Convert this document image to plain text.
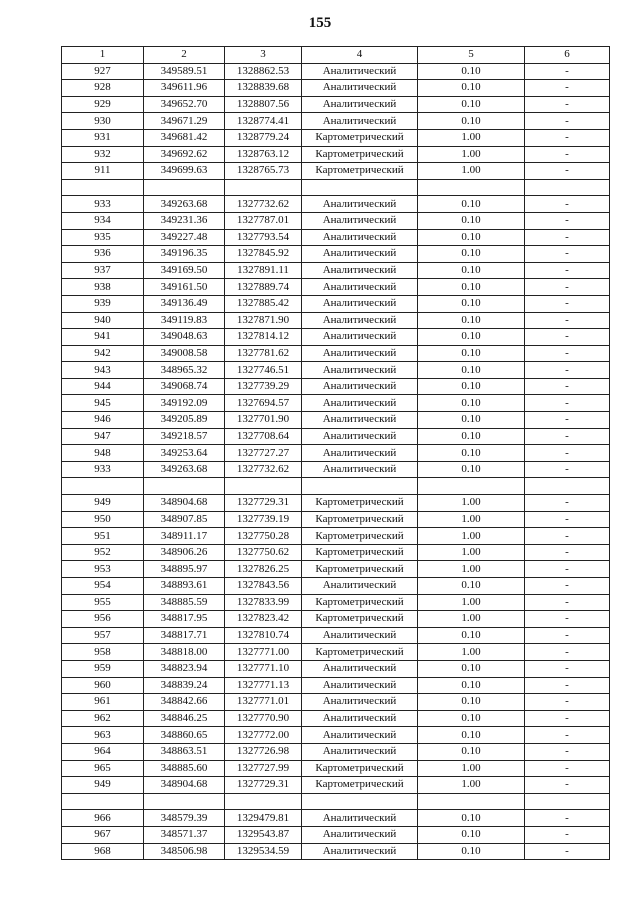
155
1	2	3	4	5	6
927	349589.51	1328862.53	Аналитический	0.10	-
928	349611.96	1328839.68	Аналитический	0.10	-
929	349652.70	1328807.56	Аналитический	0.10	-
930	349671.29	1328774.41	Аналитический	0.10	-
931	349681.42	1328779.24	Картометрический	1.00	-
932	349692.62	1328763.12	Картометрический	1.00	-
911	349699.63	1328765.73	Картометрический	1.00	-

933	349263.68	1327732.62	Аналитический	0.10	-
934	349231.36	1327787.01	Аналитический	0.10	-
935	349227.48	1327793.54	Аналитический	0.10	-
936	349196.35	1327845.92	Аналитический	0.10	-
937	349169.50	1327891.11	Аналитический	0.10	-
938	349161.50	1327889.74	Аналитический	0.10	-
939	349136.49	1327885.42	Аналитический	0.10	-
940	349119.83	1327871.90	Аналитический	0.10	-
941	349048.63	1327814.12	Аналитический	0.10	-
942	349008.58	1327781.62	Аналитический	0.10	-
943	348965.32	1327746.51	Аналитический	0.10	-
944	349068.74	1327739.29	Аналитический	0.10	-
945	349192.09	1327694.57	Аналитический	0.10	-
946	349205.89	1327701.90	Аналитический	0.10	-
947	349218.57	1327708.64	Аналитический	0.10	-
948	349253.64	1327727.27	Аналитический	0.10	-
933	349263.68	1327732.62	Аналитический	0.10	-

949	348904.68	1327729.31	Картометрический	1.00	-
950	348907.85	1327739.19	Картометрический	1.00	-
951	348911.17	1327750.28	Картометрический	1.00	-
952	348906.26	1327750.62	Картометрический	1.00	-
953	348895.97	1327826.25	Картометрический	1.00	-
954	348893.61	1327843.56	Аналитический	0.10	-
955	348885.59	1327833.99	Картометрический	1.00	-
956	348817.95	1327823.42	Картометрический	1.00	-
957	348817.71	1327810.74	Аналитический	0.10	-
958	348818.00	1327771.00	Картометрический	1.00	-
959	348823.94	1327771.10	Аналитический	0.10	-
960	348839.24	1327771.13	Аналитический	0.10	-
961	348842.66	1327771.01	Аналитический	0.10	-
962	348846.25	1327770.90	Аналитический	0.10	-
963	348860.65	1327772.00	Аналитический	0.10	-
964	348863.51	1327726.98	Аналитический	0.10	-
965	348885.60	1327727.99	Картометрический	1.00	-
949	348904.68	1327729.31	Картометрический	1.00	-

966	348579.39	1329479.81	Аналитический	0.10	-
967	348571.37	1329543.87	Аналитический	0.10	-
968	348506.98	1329534.59	Аналитический	0.10	-
